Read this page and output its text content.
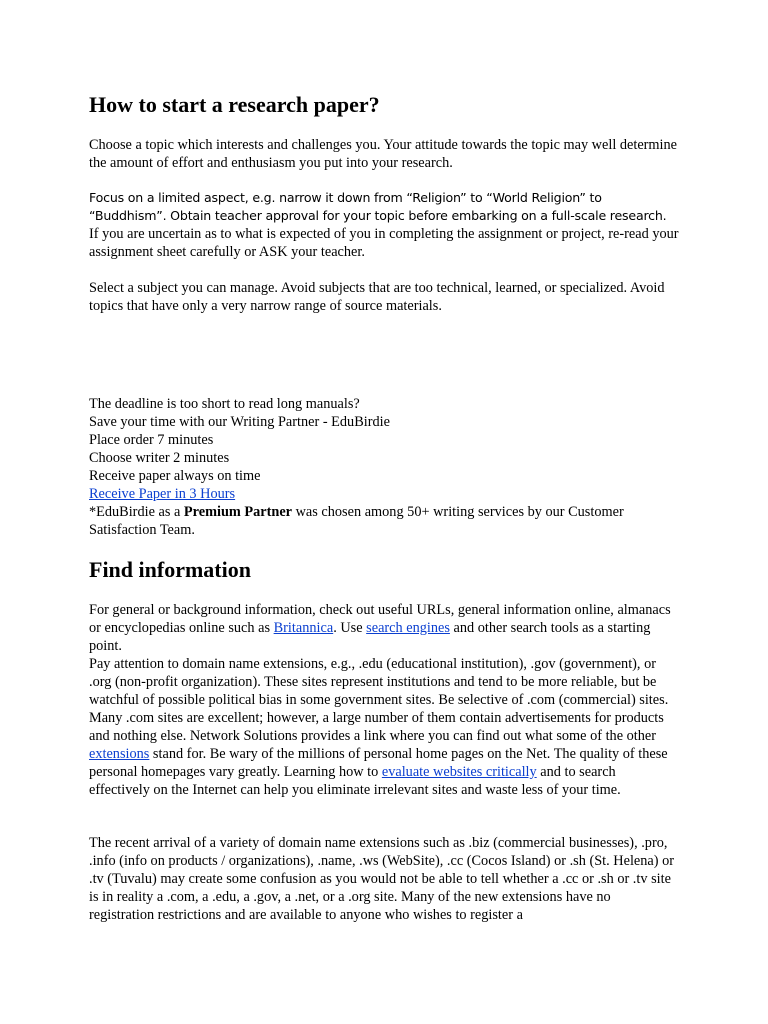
How to start a research paper?

Choose a topic which interests and challenges you. Your attitude towards the topic may well determine the amount of effort and enthusiasm you put into your research.

Focus on a limited aspect, e.g. narrow it down from “Religion” to “World Religion” to
“Buddhism”. Obtain teacher approval for your topic before embarking on a full-scale research. If you are uncertain as to what is expected of you in completing the assignment or project, re-read your assignment sheet carefully or ASK your teacher.

Select a subject you can manage. Avoid subjects that are too technical, learned, or specialized. Avoid topics that have only a very narrow range of source materials.

The deadline is too short to read long manuals?
Save your time with our Writing Partner - EduBirdie
Place order 7 minutes
Choose writer 2 minutes
Receive paper always on time
Receive Paper in 3 Hours
*EduBirdie as a Premium Partner was chosen among 50+ writing services by our Customer Satisfaction Team.
Find information

For general or background information, check out useful URLs, general information online, almanacs or encyclopedias online such as Britannica. Use search engines and other search tools as a starting point.
Pay attention to domain name extensions, e.g., .edu (educational institution), .gov (government), or .org (non-profit organization). These sites represent institutions and tend to be more reliable, but be watchful of possible political bias in some government sites. Be selective of .com (commercial) sites. Many .com sites are excellent; however, a large number of them contain advertisements for products and nothing else. Network Solutions provides a link where you can find out what some of the other extensions stand for. Be wary of the millions of personal home pages on the Net. The quality of these personal homepages vary greatly. Learning how to evaluate websites critically and to search effectively on the Internet can help you eliminate irrelevant sites and waste less of your time.

The recent arrival of a variety of domain name extensions such as .biz (commercial businesses), .pro, .info (info on products / organizations), .name, .ws (WebSite), .cc (Cocos Island) or .sh (St. Helena) or .tv (Tuvalu) may create some confusion as you would not be able to tell whether a .cc or .sh or .tv site is in reality a .com, a .edu, a .gov, a .net, or a .org site. Many of the new extensions have no registration restrictions and are available to anyone who wishes to register a
